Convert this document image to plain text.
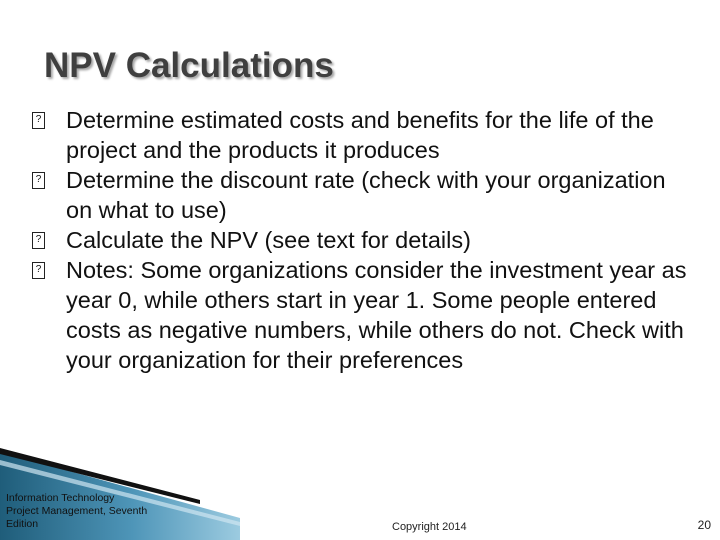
NPV Calculations
? Determine estimated costs and benefits for the life of the project and the products it produces
? Determine the discount rate (check with your organization on what to use)
? Calculate the NPV (see text for details)
? Notes: Some organizations consider the investment year as year 0, while others start in year 1. Some people entered costs as negative numbers, while others do not. Check with your organization for their preferences
Information Technology
Project Management, Seventh
Edition	Copyright 2014	20
